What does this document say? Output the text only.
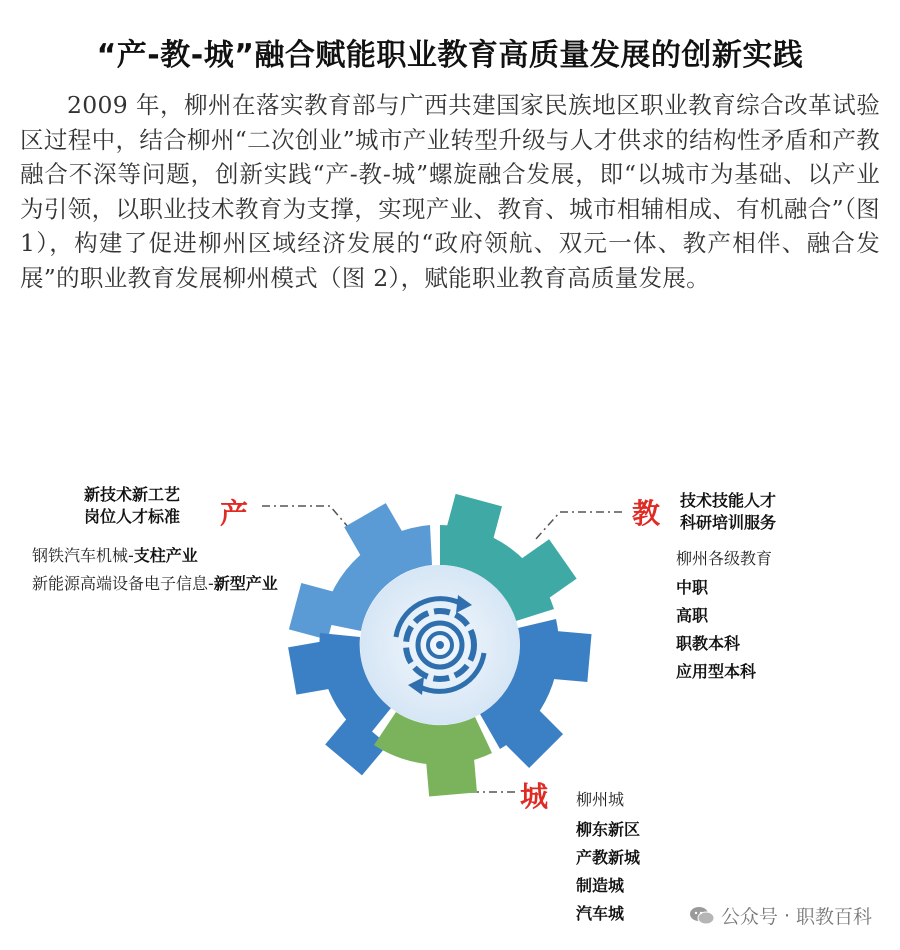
“产-教-城”融合赋能职业教育高质量发展的创新实践
2009 年，柳州在落实教育部与广西共建国家民族地区职业教育综合改革试验区过程中，结合柳州“二次创业”城市产业转型升级与人才供求的结构性矛盾和产教融合不深等问题，创新实践“产-教-城”螺旋融合发展，即“以城市为基础、以产业为引领，以职业技术教育为支撑，实现产业、教育、城市相辅相成、有机融合”（图 1），构建了促进柳州区域经济发展的“政府领航、双元一体、教产相伴、融合发展”的职业教育发展柳州模式（图 2），赋能职业教育高质量发展。
新技术新工艺
岗位人才标准 产
钢铁汽车机械-支柱产业
新能源高端设备电子信息-新型产业
教 技术技能人才
科研培训服务
柳州各级教育
中职
高职
职教本科
应用型本科
城 柳州城
柳东新区
产教新城
制造城
汽车城	公众号 · 职教百科
